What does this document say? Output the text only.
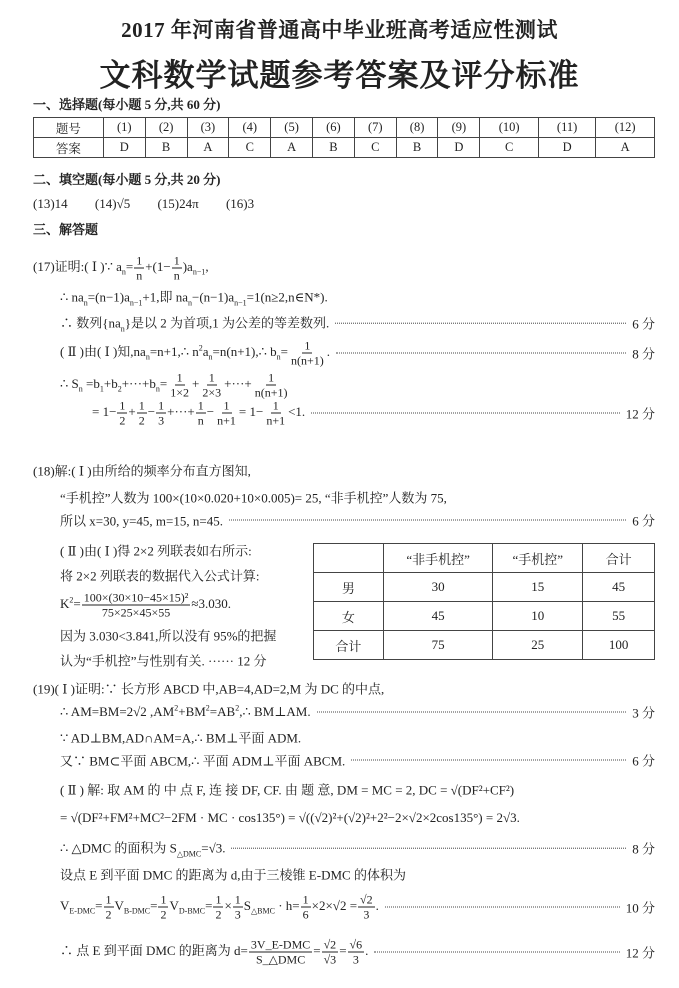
2017 年河南省普通高中毕业班高考适应性测试
文科数学试题参考答案及评分标准
一、选择题(每小题 5 分,共 60 分)
题号	(1)	(2)	(3)	(4)	(5)	(6)	(7)	(8)	(9)	(10)	(11)	(12)
答案	D	B	A	C	A	B	C	B	D	C	D	A
二、填空题(每小题 5 分,共 20 分)
(13)14 (14)√5 (15)24π (16)3
三、解答题
(17)证明:( Ⅰ )∵ $a_n= \frac{1}{n} +(1- \frac{1}{n} )a_{n-1}$,
∴ $na_n=(n-1)a_{n-1}+1$,即 $na_n-(n-1)a_{n-1}=1(n\ge 2,n\in N*)$.
∴ 数列$\{na_n\}$是以 2 为首项,1 为公差的等差数列.	6 分
( Ⅱ )由( Ⅰ )知$,na_n=n+1,\therefore$ $n^2a_n=n(n+1),\therefore$ $b_n= \frac{1}{n(n+1)}$ .	8 分
∴ $S_n =b_1+b_2+\cdot\cdot\cdot+b_n= \frac{1}{1\times 2} + \frac{1}{2\times 3}$ +···+ $\frac{1}{n(n+1)}$
= $1- \frac{1}{2} + \frac{1}{2} - \frac{1}{3}$ +···+ $\frac{1}{n} - \frac{1}{n+1} = 1- \frac{1}{n+1} <1$.	12 分
(18)解:( Ⅰ )由所给的频率分布直方图知,
“手机控”人数为 100×(10×0.020+10×0.005)= 25, “非手机控”人数为 75,
所以 x=30, y=45, m=15, n=45.	6 分
( Ⅱ )由( Ⅰ )得 2×2 列联表如右所示:
将 2×2 列联表的数据代入公式计算:
$K^2= \frac{\text{100×(30×10−45×15)²}}{75\times 25\times 45\times 55} \approx 3.030$.
因为 3.030<3.841,所以没有 95%的把握
认为“手机控”与性别有关. ······ 12 分
(19)( Ⅰ )证明:∵ 长方形 ABCD 中,AB=4,AD=2,M 为 DC 的中点,
∴ AM=BM=2√2 $,AM^2+BM^2=AB^2,\therefore$ BM⊥AM.	3 分
∵ AD⊥BM,AD∩AM=A,∴ BM⊥平面 ADM.
又∵ BM⊂平面 ABCM,∴ 平面 ADM⊥平面 ABCM.	6 分
( Ⅱ ) 解: 取 AM 的 中 点 F, 连 接 DF, CF. 由 题 意, DM = MC = 2, DC = √(DF²+CF²)
= √(DF²+FM²+MC²−2FM · MC · cos135°) = √((√2)²+(√2)²+2²−2×√2×2cos135°) = 2√3.
∴ △DMC 的面积为 $S_{\triangle DMC}=√3$.	8 分
设点 E 到平面 DMC 的距离为 d,由于三棱锥 E-DMC 的体积为
$V_{E-DMC}= \frac{1}{2} V_{B-DMC}= \frac{1}{2} V_{D-BMC}= \frac{1}{2} \times \frac{1}{3} S_{\triangle BMC} \cdot h= \frac{1}{6} \times 2\times√2 = \frac{√2}{3}$ .	10 分
∴ 点 E 到平面 DMC 的距离为 $d= \frac{\text{3V\_E-DMC}}{\text{S\_△DMC}} = \frac{√2}{√3} = \frac{√6}{3}$ .	12 分
	“非手机控”	“手机控”	合计
男	30	15	45
女	45	10	55
合计	75	25	100
